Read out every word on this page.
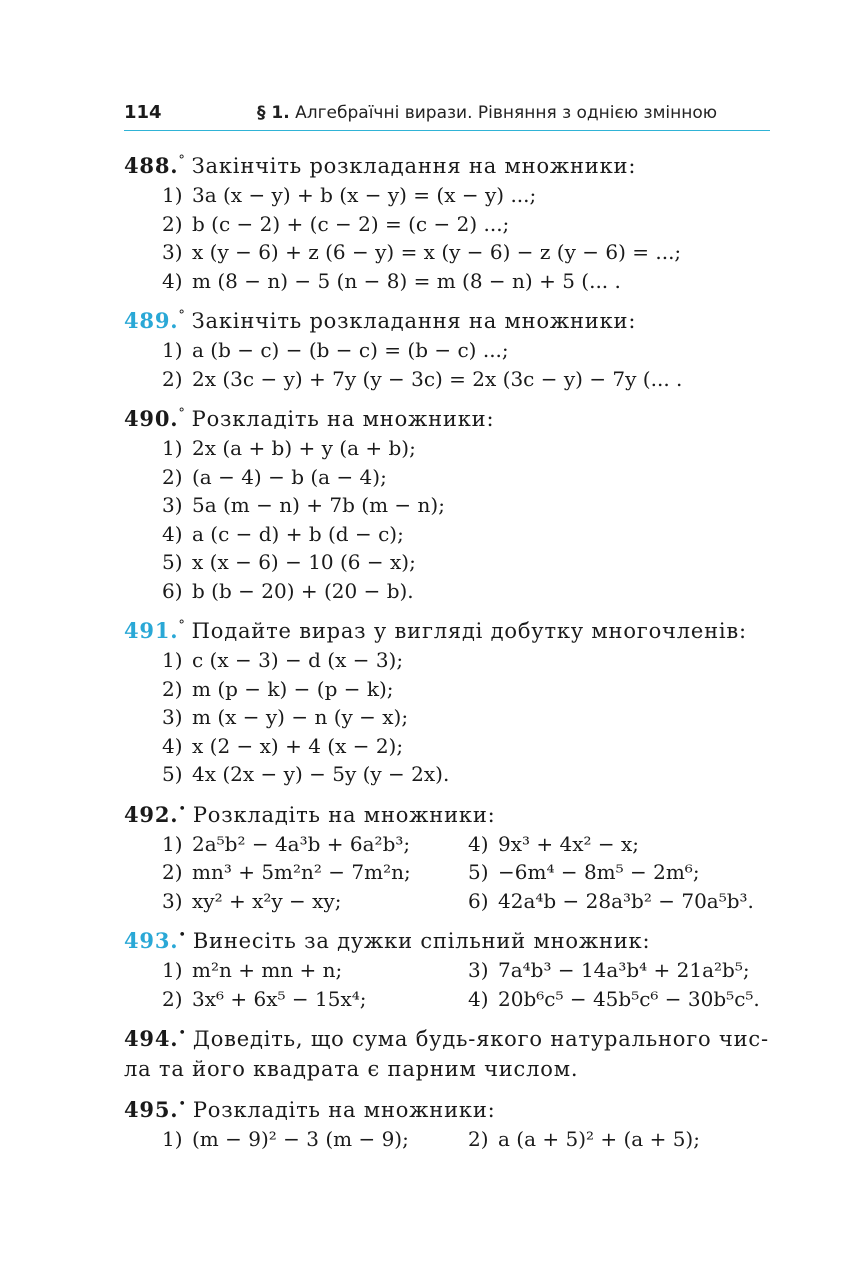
114	§ 1. Алгебраїчні вирази. Рівняння з однією змінною
488.° Закінчіть розкладання на множники:
1) 3a (x − y) + b (x − y) = (x − y) ...;
2) b (c − 2) + (c − 2) = (c − 2) ...;
3) x (y − 6) + z (6 − y) = x (y − 6) − z (y − 6) = ...;
4) m (8 − n) − 5 (n − 8) = m (8 − n) + 5 (... .
489.° Закінчіть розкладання на множники:
1) a (b − c) − (b − c) = (b − c) ...;
2) 2x (3c − y) + 7y (y − 3c) = 2x (3c − y) − 7y (... .
490.° Розкладіть на множники:
1) 2x (a + b) + y (a + b);
2) (a − 4) − b (a − 4);
3) 5a (m − n) + 7b (m − n);
4) a (c − d) + b (d − c);
5) x (x − 6) − 10 (6 − x);
6) b (b − 20) + (20 − b).
491.° Подайте вираз у вигляді добутку многочленів:
1) c (x − 3) − d (x − 3);
2) m (p − k) − (p − k);
3) m (x − y) − n (y − x);
4) x (2 − x) + 4 (x − 2);
5) 4x (2x − y) − 5y (y − 2x).
492.• Розкладіть на множники:
1) 2a⁵b² − 4a³b + 6a²b³;	4) 9x³ + 4x² − x;
2) mn³ + 5m²n² − 7m²n;	5) −6m⁴ − 8m⁵ − 2m⁶;
3) xy² + x²y − xy;	6) 42a⁴b − 28a³b² − 70a⁵b³.
493.• Винесіть за дужки спільний множник:
1) m²n + mn + n;	3) 7a⁴b³ − 14a³b⁴ + 21a²b⁵;
2) 3x⁶ + 6x⁵ − 15x⁴;	4) 20b⁶c⁵ − 45b⁵c⁶ − 30b⁵c⁵.
494.• Доведіть, що сума будь-якого натурального чис-
ла та його квадрата є парним числом.
495.• Розкладіть на множники:
1) (m − 9)² − 3 (m − 9);	2) a (a + 5)² + (a + 5);
